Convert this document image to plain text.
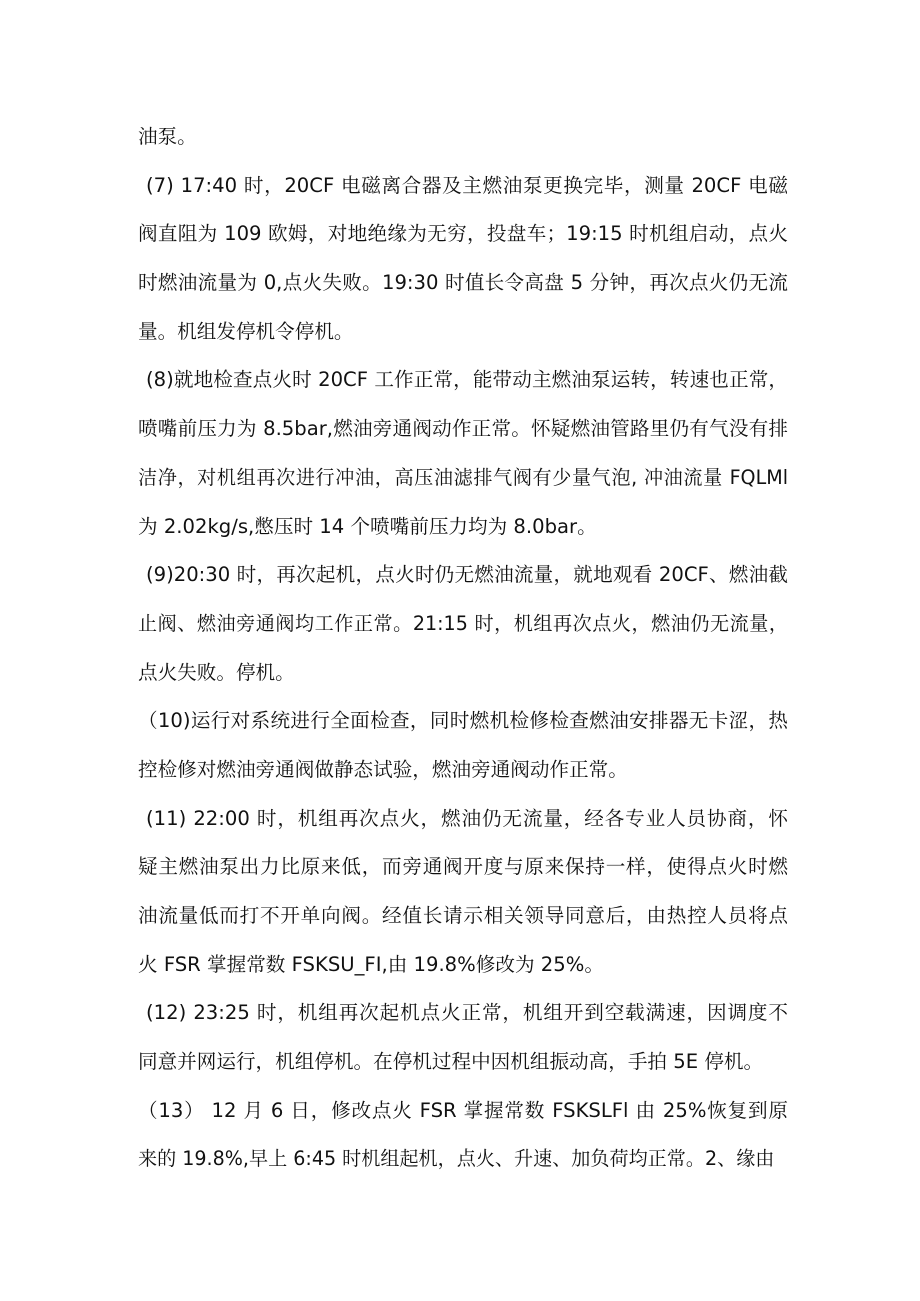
油泵。
(7) 17:40 时，20CF 电磁离合器及主燃油泵更换完毕，测量 20CF 电磁
阀直阻为 109 欧姆，对地绝缘为无穷，投盘车；19:15 时机组启动，点火
时燃油流量为 0,点火失败。19:30 时值长令高盘 5 分钟，再次点火仍无流
量。机组发停机令停机。
(8)就地检查点火时 20CF 工作正常，能带动主燃油泵运转，转速也正常，
喷嘴前压力为 8.5bar,燃油旁通阀动作正常。怀疑燃油管路里仍有气没有排
洁净，对机组再次进行冲油，高压油滤排气阀有少量气泡, 冲油流量 FQLMl
为 2.02kg∕s,憋压时 14 个喷嘴前压力均为 8.0bar。
(9)20:30 时，再次起机，点火时仍无燃油流量，就地观看 20CF、燃油截
止阀、燃油旁通阀均工作正常。21:15 时，机组再次点火，燃油仍无流量，
点火失败。停机。
（10)运行对系统进行全面检查，同时燃机检修检查燃油安排器无卡涩，热
控检修对燃油旁通阀做静态试验，燃油旁通阀动作正常。
(11) 22:00 时，机组再次点火，燃油仍无流量，经各专业人员协商，怀
疑主燃油泵出力比原来低，而旁通阀开度与原来保持一样，使得点火时燃
油流量低而打不开单向阀。经值长请示相关领导同意后，由热控人员将点
火 FSR 掌握常数 FSKSU_FI,由 19.8%修改为 25%。
(12) 23:25 时，机组再次起机点火正常，机组开到空载满速，因调度不
同意并网运行，机组停机。在停机过程中因机组振动高，手拍 5E 停机。
（13） 12 月 6 日，修改点火 FSR 掌握常数 FSKSLFl 由 25%恢复到原
来的 19.8%,早上 6:45 时机组起机，点火、升速、加负荷均正常。2、缘由
